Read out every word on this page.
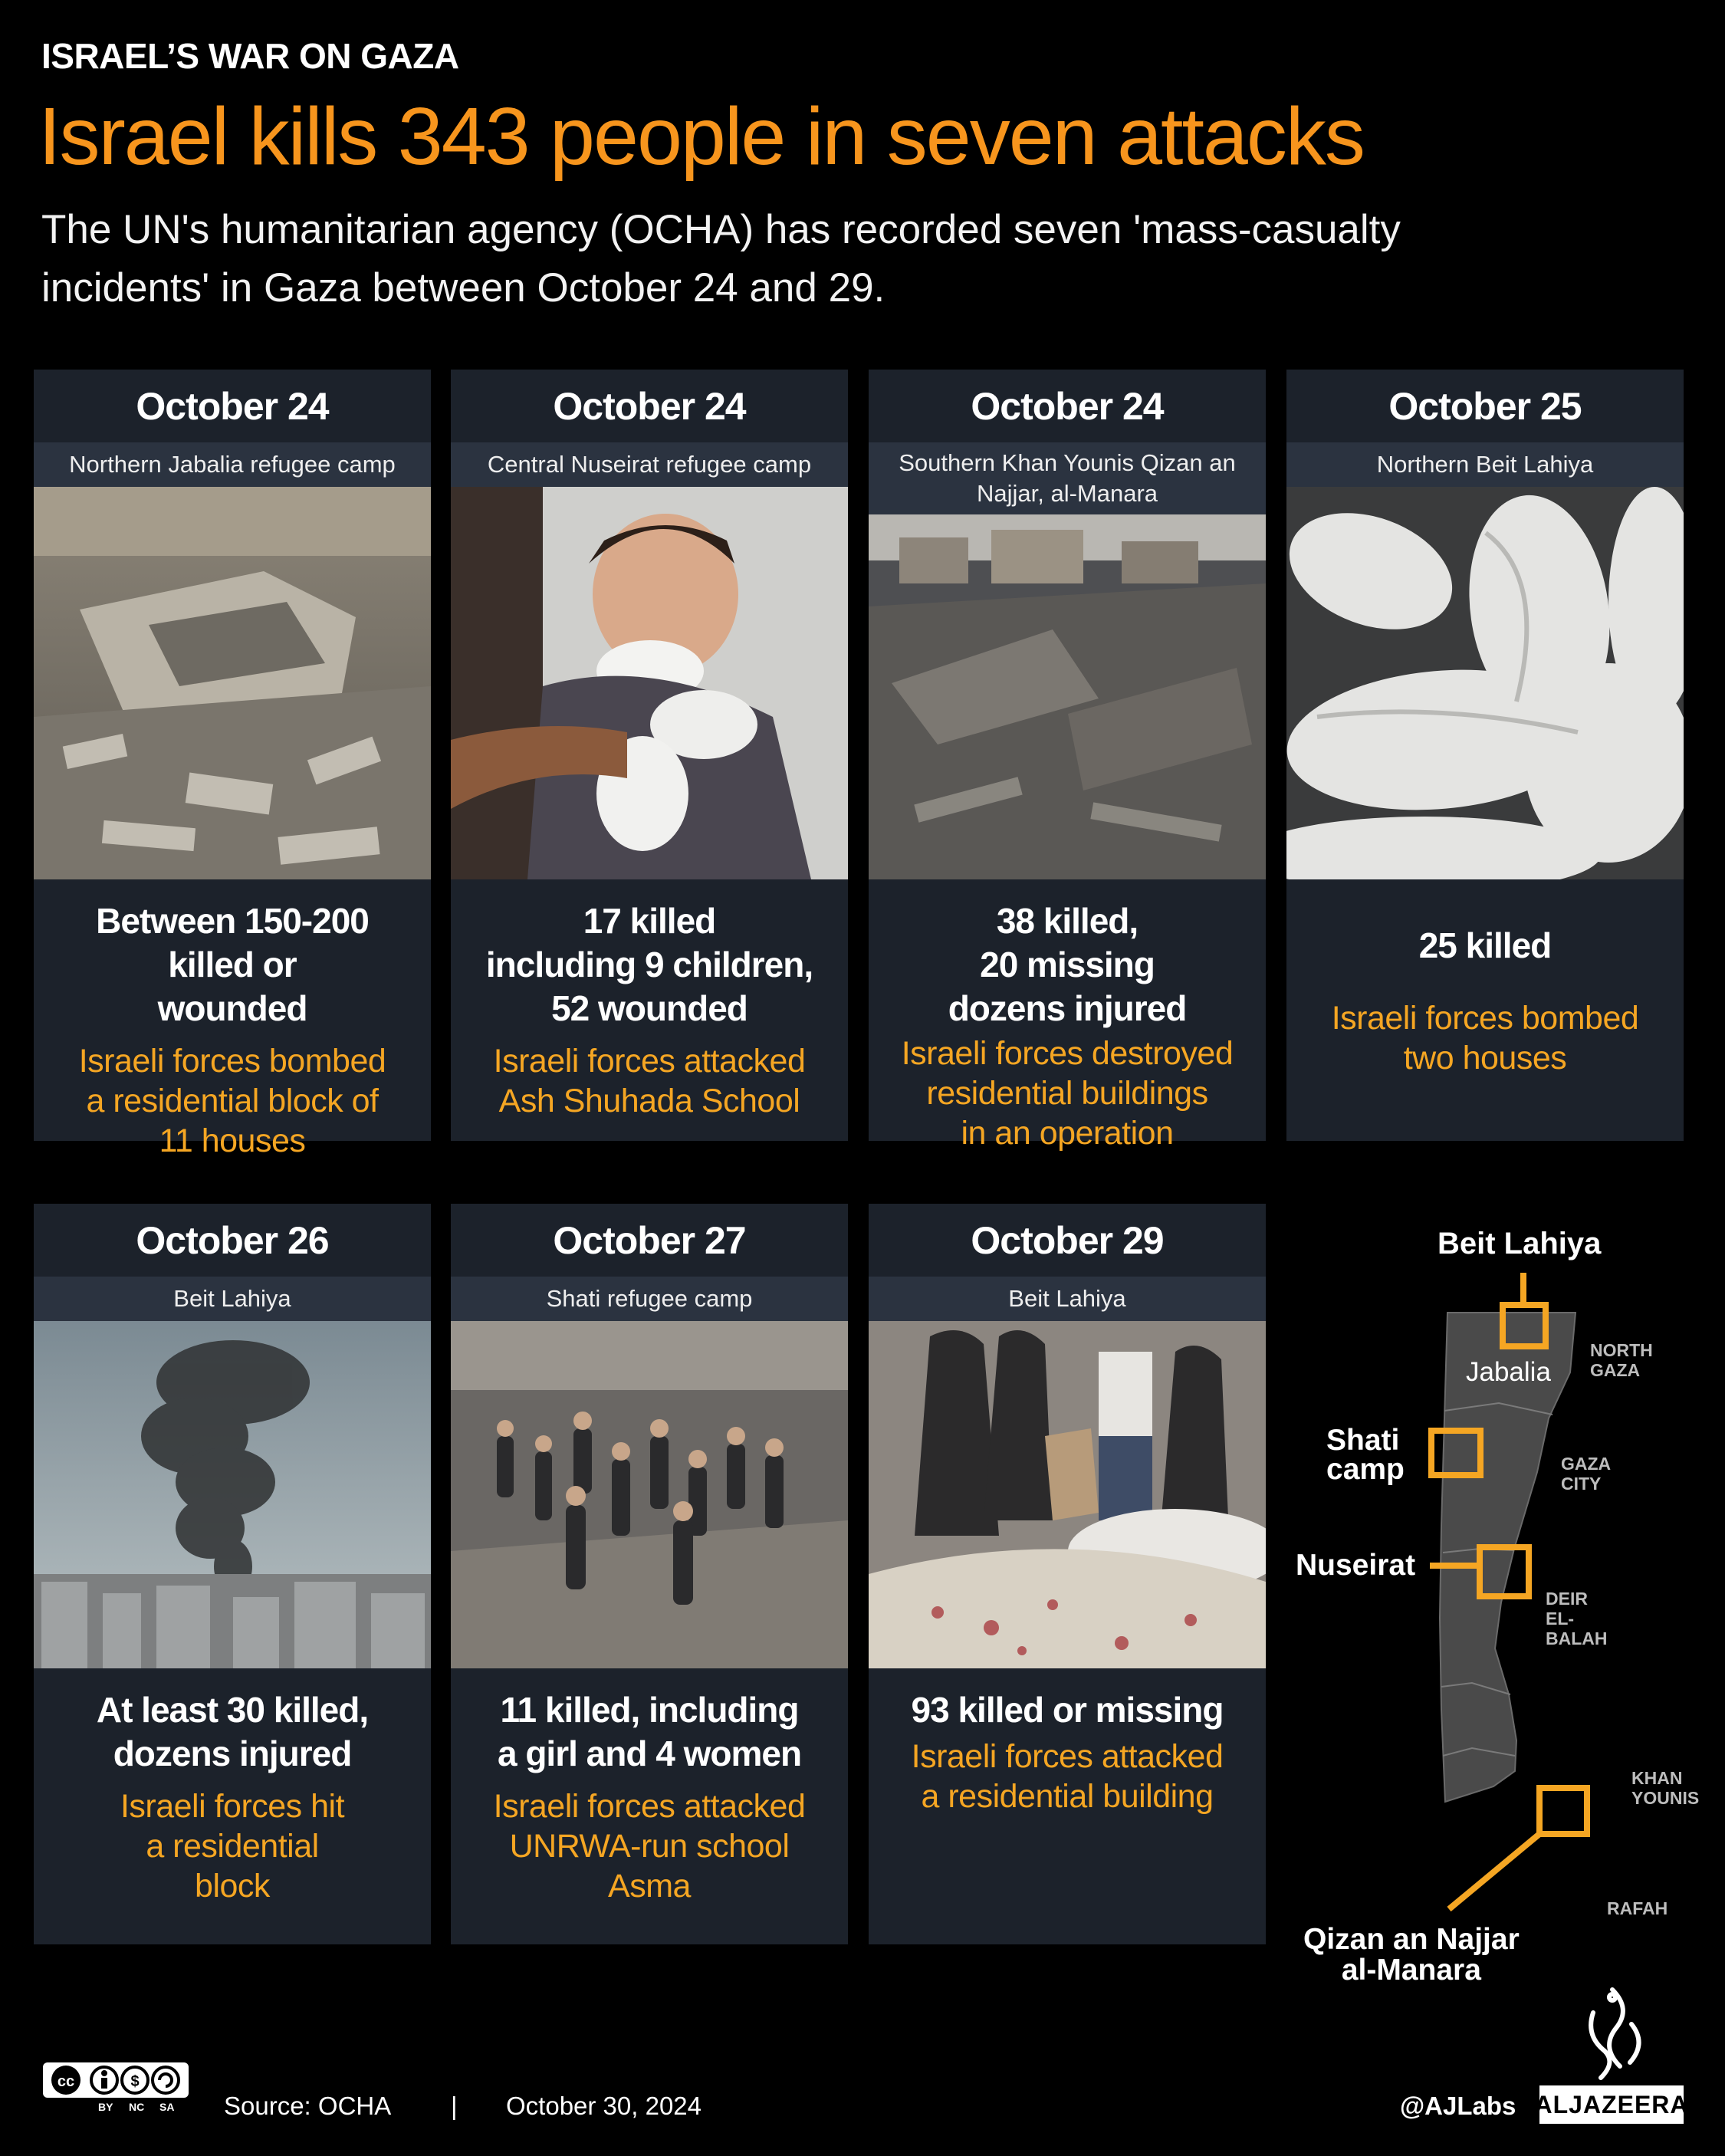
ISRAEL’S WAR ON GAZA
Israel kills 343 people in seven attacks
The UN's humanitarian agency (OCHA) has recorded seven 'mass-casualty incidents' in Gaza between October 24 and 29.
October 24
Northern Jabalia refugee camp
Between 150-200
killed or
wounded
Israeli forces bombed
a residential block of
11 houses
October 24
Central Nuseirat refugee camp
17 killed
including 9 children,
52 wounded
Israeli forces attacked
Ash Shuhada School
October 24
Southern Khan Younis Qizan an Najjar, al-Manara
38 killed,
20 missing
dozens injured
Israeli forces destroyed
residential buildings
in an operation
October 25
Northern Beit Lahiya
25 killed
Israeli forces bombed
two houses
October 26
Beit Lahiya
At least 30 killed,
dozens injured
Israeli forces hit
a residential
block
October 27
Shati refugee camp
11 killed, including
a girl and 4 women
Israeli forces attacked
UNRWA-run school
Asma
October 29
Beit Lahiya
93 killed or missing
Israeli forces attacked
a residential building
Beit Lahiya
Jabalia
Shati
camp
Nuseirat
Qizan an Najjar
al-Manara
NORTH
GAZA
GAZA
CITY
DEIR
EL-
BALAH
KHAN
YOUNIS
RAFAH
cc	$
BY NC SA Source: OCHA | October 30, 2024	@AJLabs ALJAZEERA
